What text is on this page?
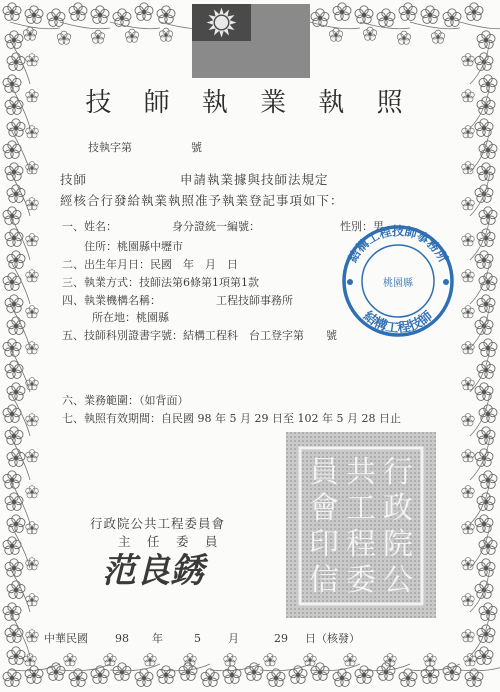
技 師 執 業 執 照
技執字第	號
技師	申請執業據與技師法規定
經核合行發給執業執照准予執業登記事項如下：
一、姓名：	身分證統一編號：	性別：男
住所：桃園縣中壢市
二、出生年月日：民國　年　月　日
三、執業方式：技師法第6條第1項第1款
四、執業機構名稱：	工程技師事務所
所在地：桃園縣
五、技師科別證書字號：結構工程科　台工登字第　　號
六、業務範圍：（如背面）
七、執照有效期間：自民國 98 年 5 月 29 日至 102 年 5 月 28 日止
結構工程技師事務所
結構工程技師
桃園縣
行政院公共工程委員會
主　任　委　員
范良銹
行
政
院
公
共
工
程
委
員
會
印
信
中華民國 98 年	5 月	29 日（核發）
